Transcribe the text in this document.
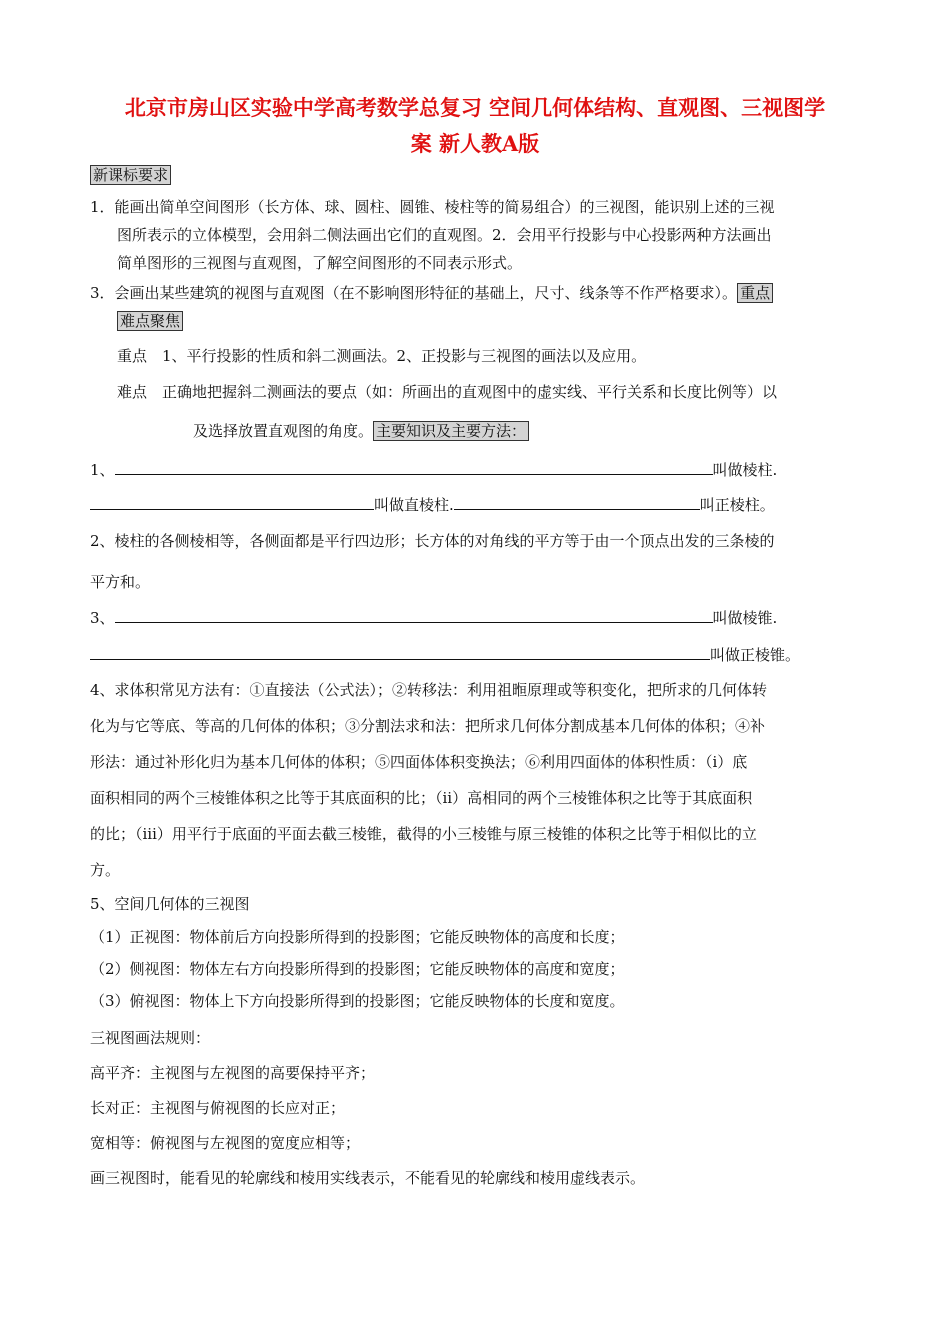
北京市房山区实验中学高考数学总复习 空间几何体结构、直观图、三视图学
案 新人教A版
新课标要求
1．能画出简单空间图形（长方体、球、圆柱、圆锥、棱柱等的简易组合）的三视图，能识别上述的三视
图所表示的立体模型，会用斜二侧法画出它们的直观图。2．会用平行投影与中心投影两种方法画出
简单图形的三视图与直观图，了解空间图形的不同表示形式。
3．会画出某些建筑的视图与直观图（在不影响图形特征的基础上，尺寸、线条等不作严格要求）。 重点
难点聚焦
重点　1、平行投影的性质和斜二测画法。2、正投影与三视图的画法以及应用。
难点　正确地把握斜二测画法的要点（如：所画出的直观图中的虚实线、平行关系和长度比例等）以
及选择放置直观图的角度。 主要知识及主要方法：
1、	叫做棱柱.
叫做直棱柱.	叫正棱柱。
2、棱柱的各侧棱相等，各侧面都是平行四边形；长方体的对角线的平方等于由一个顶点出发的三条棱的
平方和。
3、	叫做棱锥.
叫做正棱锥。
4、求体积常见方法有：①直接法（公式法）；②转移法：利用祖暅原理或等积变化，把所求的几何体转
化为与它等底、等高的几何体的体积；③分割法求和法：把所求几何体分割成基本几何体的体积；④补
形法：通过补形化归为基本几何体的体积；⑤四面体体积变换法；⑥利用四面体的体积性质：（ⅰ）底
面积相同的两个三棱锥体积之比等于其底面积的比；（ⅱ）高相同的两个三棱锥体积之比等于其底面积
的比；（ⅲ）用平行于底面的平面去截三棱锥，截得的小三棱锥与原三棱锥的体积之比等于相似比的立
方。
5、空间几何体的三视图
（1）正视图：物体前后方向投影所得到的投影图；它能反映物体的高度和长度；
（2）侧视图：物体左右方向投影所得到的投影图；它能反映物体的高度和宽度；
（3）俯视图：物体上下方向投影所得到的投影图；它能反映物体的长度和宽度。
三视图画法规则：
高平齐：主视图与左视图的高要保持平齐；
长对正：主视图与俯视图的长应对正；
宽相等：俯视图与左视图的宽度应相等；
画三视图时，能看见的轮廓线和棱用实线表示，不能看见的轮廓线和棱用虚线表示。
